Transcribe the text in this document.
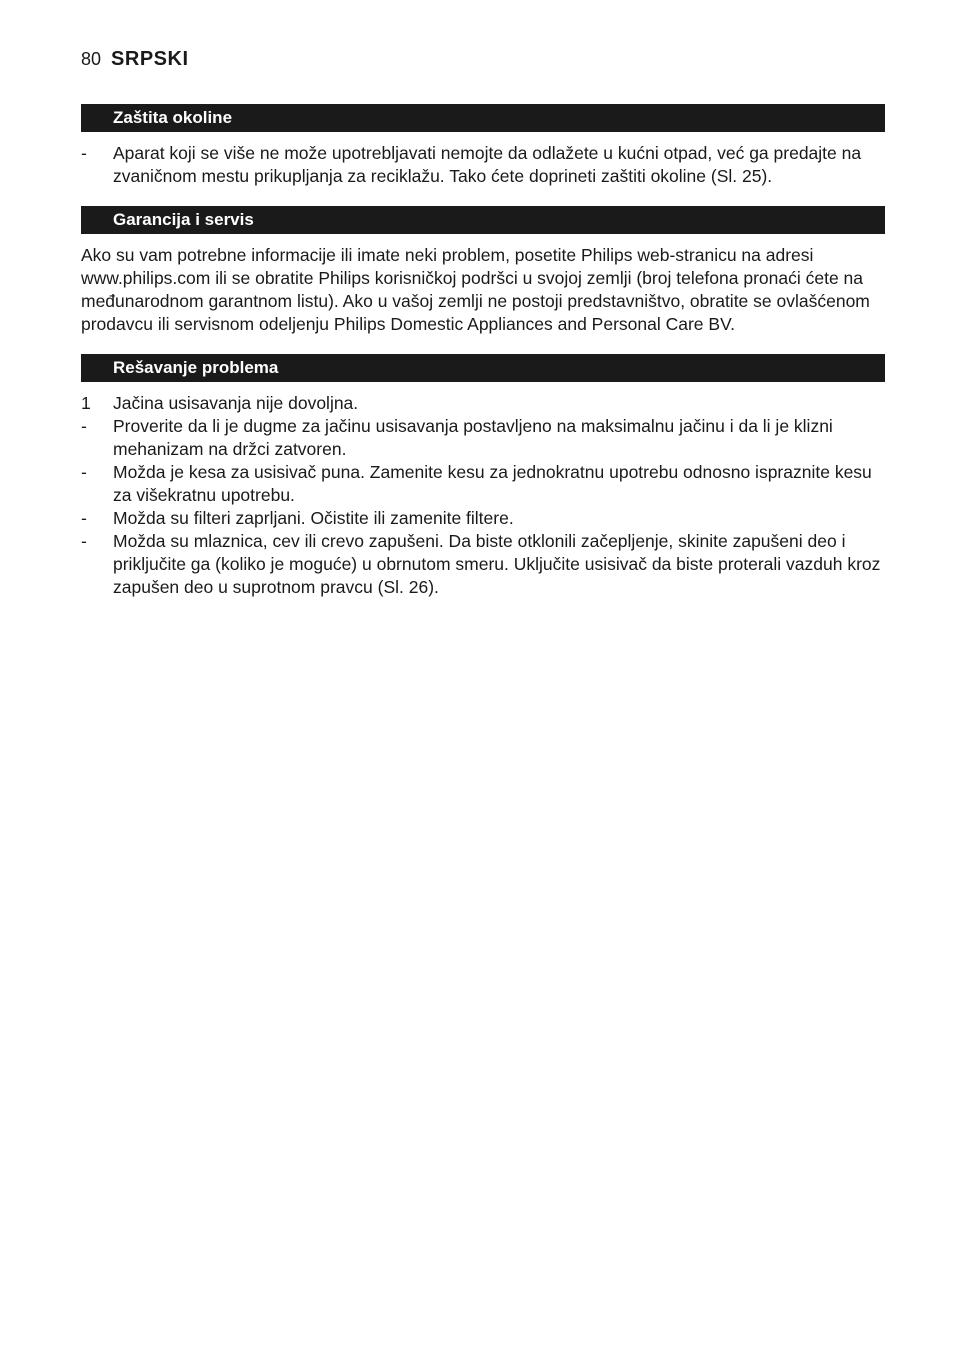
80 SRPSKI
Zaštita okoline
-	Aparat koji se više ne može upotrebljavati nemojte da odlažete u kućni otpad, već ga predajte na zvaničnom mestu prikupljanja za reciklažu. Tako ćete doprineti zaštiti okoline (Sl. 25).
Garancija i servis

Ako su vam potrebne informacije ili imate neki problem, posetite Philips web-stranicu na adresi www.philips.com ili se obratite Philips korisničkoj podršci u svojoj zemlji (broj telefona pronaći ćete na međunarodnom garantnom listu). Ako u vašoj zemlji ne postoji predstavništvo, obratite se ovlašćenom prodavcu ili servisnom odeljenju Philips Domestic Appliances and Personal Care BV.

Rešavanje problema
1	Jačina usisavanja nije dovoljna.
-	Proverite da li je dugme za jačinu usisavanja postavljeno na maksimalnu jačinu i da li je klizni mehanizam na držci zatvoren.
-	Možda je kesa za usisivač puna. Zamenite kesu za jednokratnu upotrebu odnosno ispraznite kesu za višekratnu upotrebu.
-	Možda su filteri zaprljani. Očistite ili zamenite filtere.
-	Možda su mlaznica, cev ili crevo zapušeni. Da biste otklonili začepljenje, skinite zapušeni deo i priključite ga (koliko je moguće) u obrnutom smeru. Uključite usisivač da biste proterali vazduh kroz zapušen deo u suprotnom pravcu (Sl. 26).
